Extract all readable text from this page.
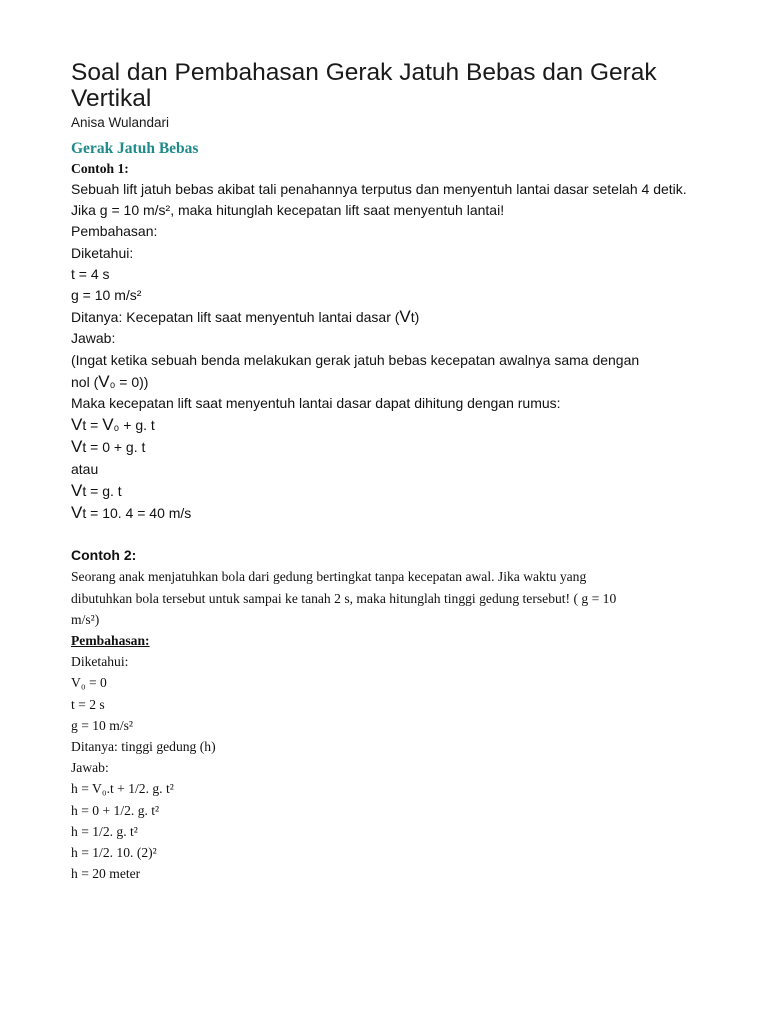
Soal dan Pembahasan Gerak Jatuh Bebas dan Gerak Vertikal
Anisa Wulandari
Gerak Jatuh Bebas
Contoh 1:
Sebuah lift jatuh bebas akibat tali penahannya terputus dan menyentuh lantai dasar setelah 4 detik. Jika g = 10 m/s², maka hitunglah kecepatan lift saat menyentuh lantai!
Pembahasan:
Diketahui:
t = 4 s
g = 10 m/s²
Ditanya: Kecepatan lift saat menyentuh lantai dasar (Vt)
Jawab:
(Ingat ketika sebuah benda melakukan gerak jatuh bebas kecepatan awalnya sama dengan
nol (V₀ = 0))
Maka kecepatan lift saat menyentuh lantai dasar dapat dihitung dengan rumus:
Vt = V₀ + g. t
Vt = 0 + g. t
atau
Vt = g. t
Vt = 10. 4 = 40 m/s
Contoh 2:
Seorang anak menjatuhkan bola dari gedung bertingkat tanpa kecepatan awal. Jika waktu yang
dibutuhkan bola tersebut untuk sampai ke tanah 2 s, maka hitunglah tinggi gedung tersebut! ( g = 10
m/s²)
Pembahasan:
Diketahui:
V₀ = 0
t = 2 s
g = 10 m/s²
Ditanya: tinggi gedung (h)
Jawab:
h = V₀.t + 1/2. g. t²
h = 0 + 1/2. g. t²
h = 1/2. g. t²
h = 1/2. 10. (2)²
h = 20 meter
